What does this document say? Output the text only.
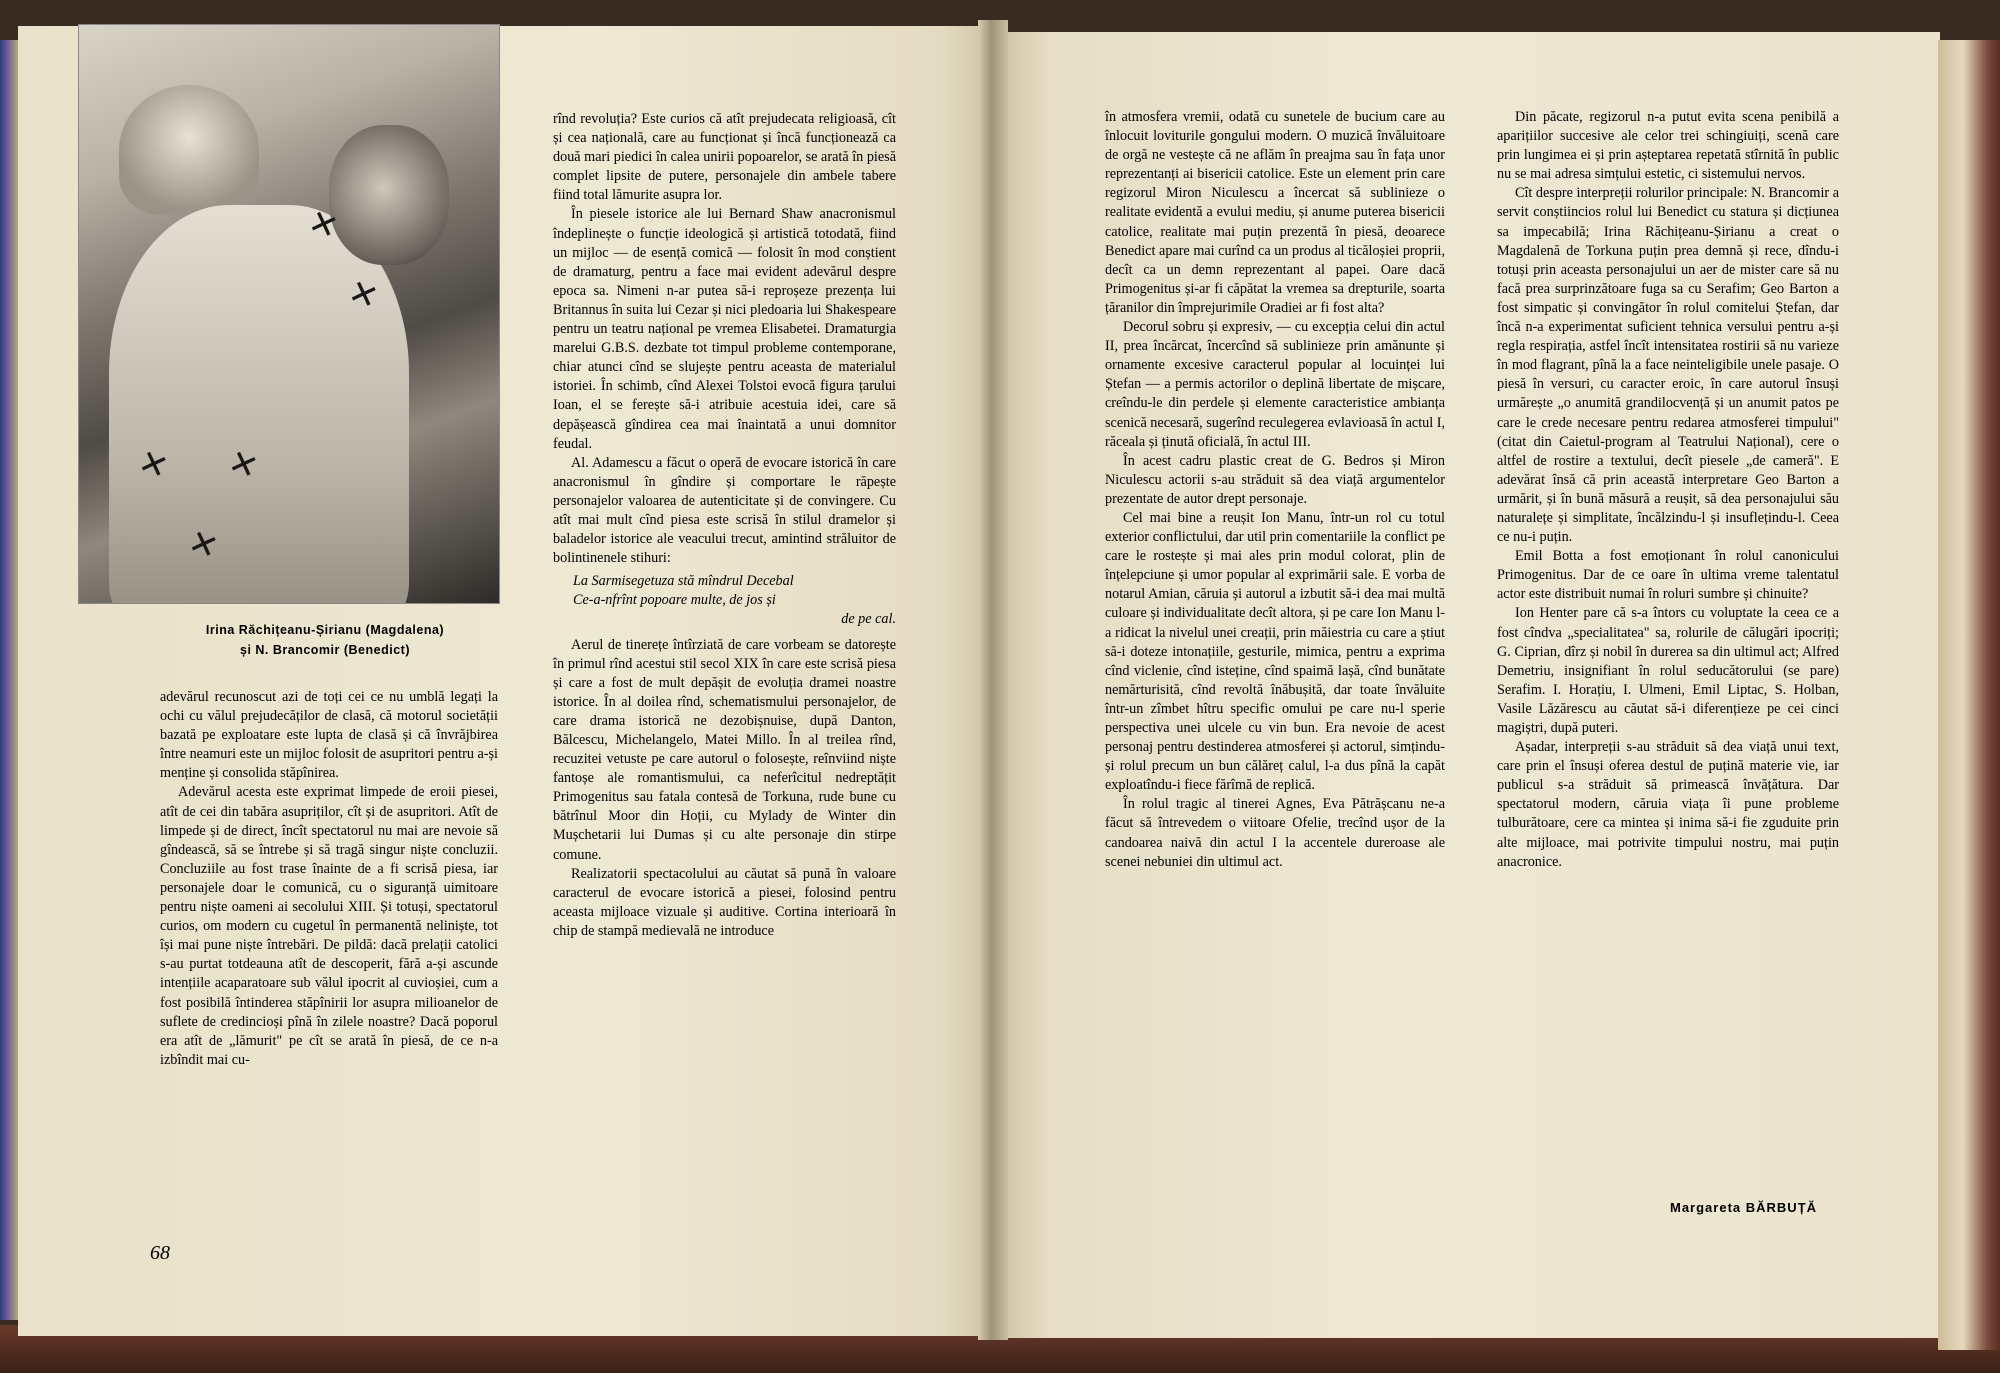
✕
✕
✕
✕
✕
Irina Răchițeanu-Șirianu (Magdalena)
și N. Brancomir (Benedict)

adevărul recunoscut azi de toți cei ce nu umblă legați la ochi cu vălul prejudecăților de clasă, că motorul societății bazată pe exploatare este lupta de clasă și că învrăjbirea între neamuri este un mijloc folosit de asupritori pentru a-și menține și consolida stăpînirea.

Adevărul acesta este exprimat limpede de eroii piesei, atît de cei din tabăra asupriților, cît și de asupritori. Atît de limpede și de direct, încît spectatorul nu mai are nevoie să gîndească, să se întrebe și să tragă singur niște concluzii. Concluziile au fost trase înainte de a fi scrisă piesa, iar personajele doar le comunică, cu o siguranță uimitoare pentru niște oameni ai secolului XIII. Și totuși, spectatorul curios, om modern cu cugetul în permanentă neliniște, tot își mai pune niște întrebări. De pildă: dacă prelații catolici s-au purtat totdeauna atît de descoperit, fără a-și ascunde intențiile acaparatoare sub vălul ipocrit al cuvioșiei, cum a fost posibilă întinderea stăpînirii lor asupra milioanelor de suflete de credincioși pînă în zilele noastre? Dacă poporul era atît de „lămurit" pe cît se arată în piesă, de ce n-a izbîndit mai cu-

rînd revoluția? Este curios că atît prejudecata religioasă, cît și cea națională, care au funcționat și încă funcționează ca două mari piedici în calea unirii popoarelor, se arată în piesă complet lipsite de putere, personajele din ambele tabere fiind total lămurite asupra lor.

În piesele istorice ale lui Bernard Shaw anacronismul îndeplinește o funcție ideologică și artistică totodată, fiind un mijloc — de esență comică — folosit în mod conștient de dramaturg, pentru a face mai evident adevărul despre epoca sa. Nimeni n-ar putea să-i reproșeze prezența lui Britannus în suita lui Cezar și nici pledoaria lui Shakespeare pentru un teatru național pe vremea Elisabetei. Dramaturgia marelui G.B.S. dezbate tot timpul probleme contemporane, chiar atunci cînd se slujește pentru aceasta de materialul istoriei. În schimb, cînd Alexei Tolstoi evocă figura țarului Ioan, el se ferește să-i atribuie acestuia idei, care să depășească gîndirea cea mai înaintată a unui domnitor feudal.

Al. Adamescu a făcut o operă de evocare istorică în care anacronismul în gîndire și comportare le răpește personajelor valoarea de autenticitate și de convingere. Cu atît mai mult cînd piesa este scrisă în stilul dramelor și baladelor istorice ale veacului trecut, amintind străluitor de bolintinenele stihuri:

La Sarmisegetuza stă mîndrul Decebal
Ce-a-nfrînt popoare multe, de jos și
de pe cal.

Aerul de tinerețe întîrziată de care vorbeam se datorește în primul rînd acestui stil secol XIX în care este scrisă piesa și care a fost de mult depășit de evoluția dramei noastre istorice. În al doilea rînd, schematismului personajelor, de care drama istorică ne dezobișnuise, după Danton, Bălcescu, Michelangelo, Matei Millo. În al treilea rînd, recuzitei vetuste pe care autorul o folosește, reînviind niște fantoșe ale romantismului, ca neferîcitul nedreptățit Primogenitus sau fatala contesă de Torkuna, rude bune cu bătrînul Moor din Hoții, cu Mylady de Winter din Mușchetarii lui Dumas și cu alte personaje din stirpe comune.

Realizatorii spectacolului au căutat să pună în valoare caracterul de evocare istorică a piesei, folosind pentru aceasta mijloace vizuale și auditive. Cortina interioară în chip de stampă medievală ne introduce

68

în atmosfera vremii, odată cu sunetele de bucium care au înlocuit loviturile gongului modern. O muzică învăluitoare de orgă ne vestește că ne aflăm în preajma sau în fața unor reprezentanți ai bisericii catolice. Este un element prin care regizorul Miron Niculescu a încercat să sublinieze o realitate evidentă a evului mediu, și anume puterea bisericii catolice, realitate mai puțin prezentă în piesă, deoarece Benedict apare mai curînd ca un produs al ticăloșiei proprii, decît ca un demn reprezentant al papei. Oare dacă Primogenitus și-ar fi căpătat la vremea sa drepturile, soarta țăranilor din împrejurimile Oradiei ar fi fost alta?

Decorul sobru și expresiv, — cu excepția celui din actul II, prea încărcat, încercînd să sublinieze prin amănunte și ornamente excesive caracterul popular al locuinței lui Ștefan — a permis actorilor o deplină libertate de mișcare, creîndu-le din perdele și elemente caracteristice ambianța scenică necesară, sugerînd reculegerea evlavioasă în actul I, răceala și ținută oficială, în actul III.

În acest cadru plastic creat de G. Bedros și Miron Niculescu actorii s-au străduit să dea viață argumentelor prezentate de autor drept personaje.

Cel mai bine a reușit Ion Manu, într-un rol cu totul exterior conflictului, dar util prin comentariile la conflict pe care le rostește și mai ales prin modul colorat, plin de înțelepciune și umor popular al exprimării sale. E vorba de notarul Amian, căruia și autorul a izbutit să-i dea mai multă culoare și individualitate decît altora, și pe care Ion Manu l-a ridicat la nivelul unei creații, prin măiestria cu care a știut să-i doteze intonațiile, gesturile, mimica, pentru a exprima cînd viclenie, cînd isteține, cînd spaimă lașă, cînd bunătate nemărturisită, cînd revoltă înăbușită, dar toate învăluite într-un zîmbet hîtru specific omului pe care nu-l sperie perspectiva unei ulcele cu vin bun. Era nevoie de acest personaj pentru destinderea atmosferei și actorul, simțindu-și rolul precum un bun călăreț calul, l-a dus pînă la capăt exploatîndu-i fiece fărîmă de replică.

În rolul tragic al tinerei Agnes, Eva Pătrășcanu ne-a făcut să întrevedem o viitoare Ofelie, trecînd ușor de la candoarea naivă din actul I la accentele dureroase ale scenei nebuniei din ultimul act.

Din păcate, regizorul n-a putut evita scena penibilă a aparițiilor succesive ale celor trei schingiuiți, scenă care prin lungimea ei și prin așteptarea repetată stîrnită în public nu se mai adresa simțului estetic, ci sistemului nervos.

Cît despre interpreții rolurilor principale: N. Brancomir a servit conștiincios rolul lui Benedict cu statura și dicțiunea sa impecabilă; Irina Răchițeanu-Șirianu a creat o Magdalenă de Torkuna puțin prea demnă și rece, dîndu-i totuși prin aceasta personajului un aer de mister care să nu facă prea surprinzătoare fuga sa cu Serafim; Geo Barton a fost simpatic și convingător în rolul comitelui Ștefan, dar încă n-a experimentat suficient tehnica versului pentru a-și regla respirația, astfel încît intensitatea rostirii să nu varieze în mod flagrant, pînă la a face neinteligibile unele pasaje. O piesă în versuri, cu caracter eroic, în care autorul însuși urmărește „o anumită grandilocvență și un anumit patos pe care le crede necesare pentru redarea atmosferei timpului" (citat din Caietul-program al Teatrului Național), cere o altfel de rostire a textului, decît piesele „de cameră". E adevărat însă că prin această interpretare Geo Barton a urmărit, și în bună măsură a reușit, să dea personajului său naturalețe și simplitate, încălzindu-l și insuflețindu-l. Ceea ce nu-i puțin.

Emil Botta a fost emoționant în rolul canonicului Primogenitus. Dar de ce oare în ultima vreme talentatul actor este distribuit numai în roluri sumbre și chinuite?

Ion Henter pare că s-a întors cu voluptate la ceea ce a fost cîndva „specialitatea" sa, rolurile de călugări ipocriți; G. Ciprian, dîrz și nobil în durerea sa din ultimul act; Alfred Demetriu, insignifiant în rolul seducătorului (se pare) Serafim. I. Horațiu, I. Ulmeni, Emil Liptac, S. Holban, Vasile Lăzărescu au căutat să-i diferențieze pe cei cinci magiștri, după puteri.

Așadar, interpreții s-au străduit să dea viață unui text, care prin el însuși oferea destul de puțină materie vie, iar publicul s-a străduit să primească învățătura. Dar spectatorul modern, căruia viața îi pune probleme tulburătoare, cere ca mintea și inima să-i fie zguduite prin alte mijloace, mai potrivite timpului nostru, mai puțin anacronice.

Margareta BĂRBUȚĂ
